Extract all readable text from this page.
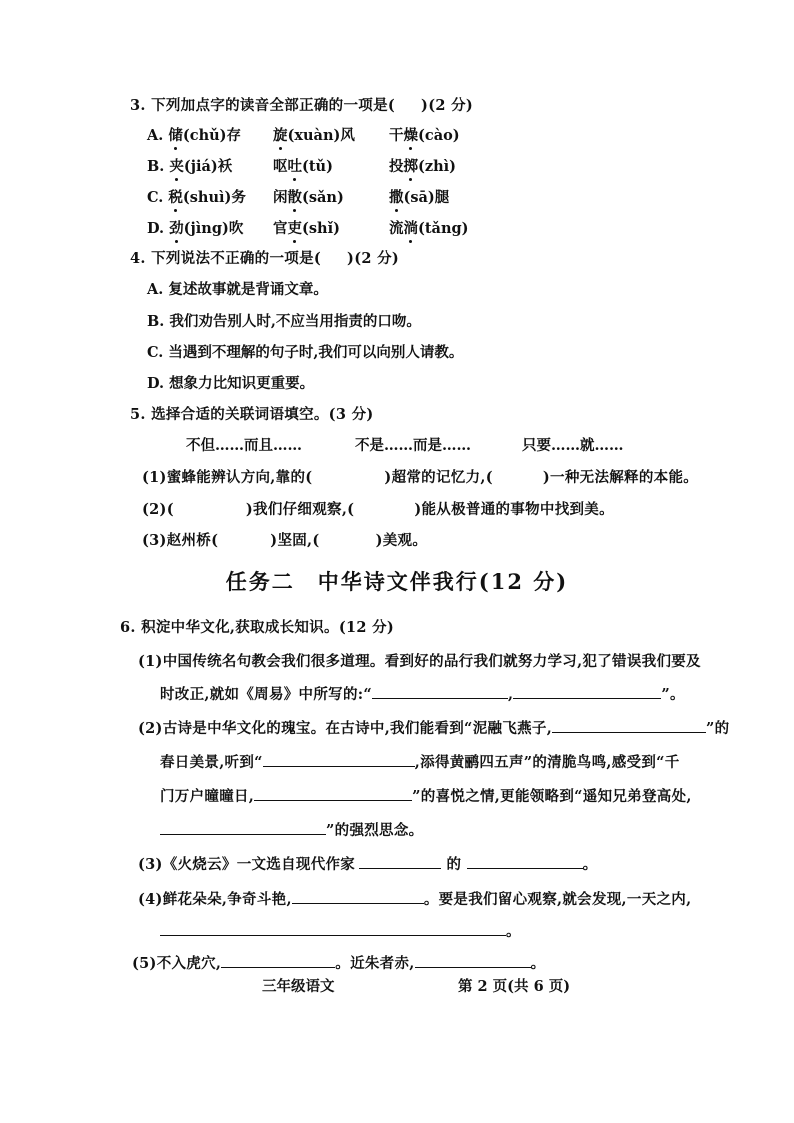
3. 下列加点字的读音全部正确的一项是( )(2 分)
A. 储(chǔ)存 旋(xuàn)风 干燥(cào)
B. 夹(jiá)袄	呕吐(tǔ)	投掷(zhì)
C. 税(shuì)务 闲散(sǎn)	撒(sā)腿
D. 劲(jìng)吹 官吏(shǐ)	流淌(tǎng)
4. 下列说法不正确的一项是( )(2 分)
A. 复述故事就是背诵文章。
B. 我们劝告别人时,不应当用指责的口吻。
C. 当遇到不理解的句子时,我们可以向别人请教。
D. 想象力比知识更重要。
5. 选择合适的关联词语填空。(3 分)
不但……而且……	不是……而是……	只要……就……
(1)蜜蜂能辨认方向,靠的(	)超常的记忆力,(	)一种无法解释的本能。
(2)(	)我们仔细观察,(	)能从极普通的事物中找到美。
(3)赵州桥(	)坚固,(	)美观。
任务二　中华诗文伴我行(12 分)
6. 积淀中华文化,获取成长知识。(12 分)
(1)中国传统名句教会我们很多道理。看到好的品行我们就努力学习,犯了错误我们要及
时改正,就如《周易》中所写的:“	,	”。
(2)古诗是中华文化的瑰宝。在古诗中,我们能看到“泥融飞燕子,	”的
春日美景,听到“	,添得黄鹂四五声”的清脆鸟鸣,感受到“千
门万户曈曈日,	”的喜悦之情,更能领略到“遥知兄弟登高处,
”的强烈思念。
(3)《火烧云》一文选自现代作家	的	。
(4)鲜花朵朵,争奇斗艳,	。要是我们留心观察,就会发现,一天之内,
。
(5)不入虎穴,	。近朱者赤,	。
三年级语文	第 2 页(共 6 页)
